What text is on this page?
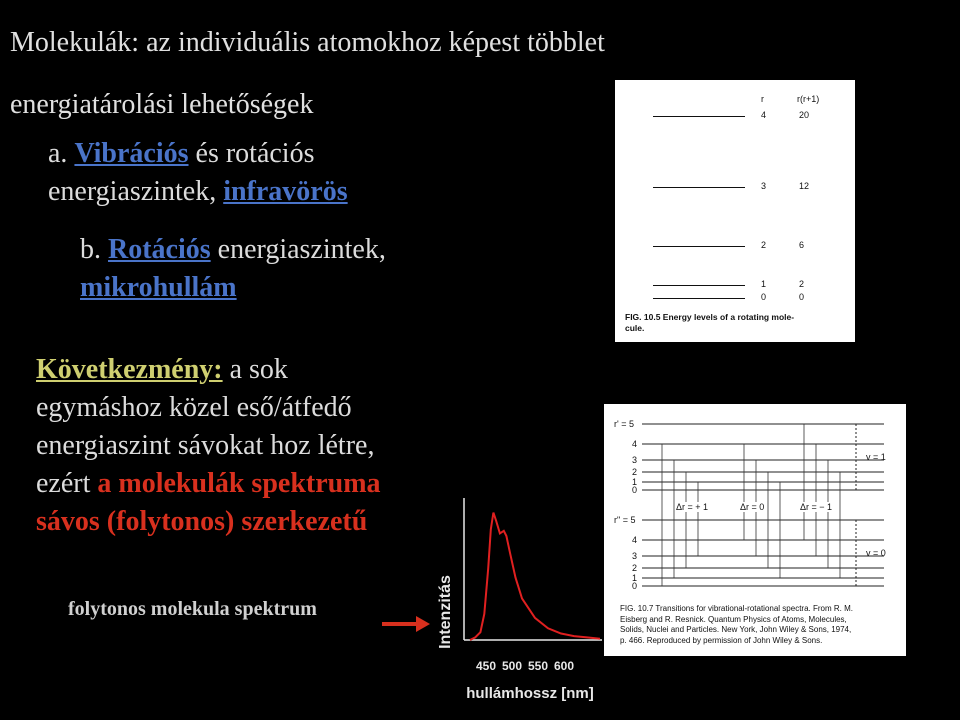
Molekulák: az individuális atomokhoz képest többlet
energiatárolási lehetőségek
a. Vibrációs és rotációs
energiaszintek, infravörös
b. Rotációs energiaszintek,
mikrohullám
Következmény: a sok
egymáshoz közel eső/átfedő
energiaszint sávokat hoz létre,
ezért a molekulák spektruma
sávos (folytonos) szerkezetű
folytonos molekula spektrum
r	r(r+1)
4	20
3	12
2	6
1	2
0	0
FIG. 10.5 Energy levels of a rotating mole-
cule.
r' = 5
4
3
2
1
0
v = 1
r" = 5
4
3
2
1
0
v = 0
Δr = + 1	Δr = 0	Δr = − 1
FIG. 10.7 Transitions for vibrational-rotational spectra. From R. M.
Eisberg and R. Resnick. Quantum Physics of Atoms, Molecules,
Solids, Nuclei and Particles. New York, John Wiley & Sons, 1974,
p. 466. Reproduced by permission of John Wiley & Sons.
Intenzitás
450 500 550 600
hullámhossz [nm]
